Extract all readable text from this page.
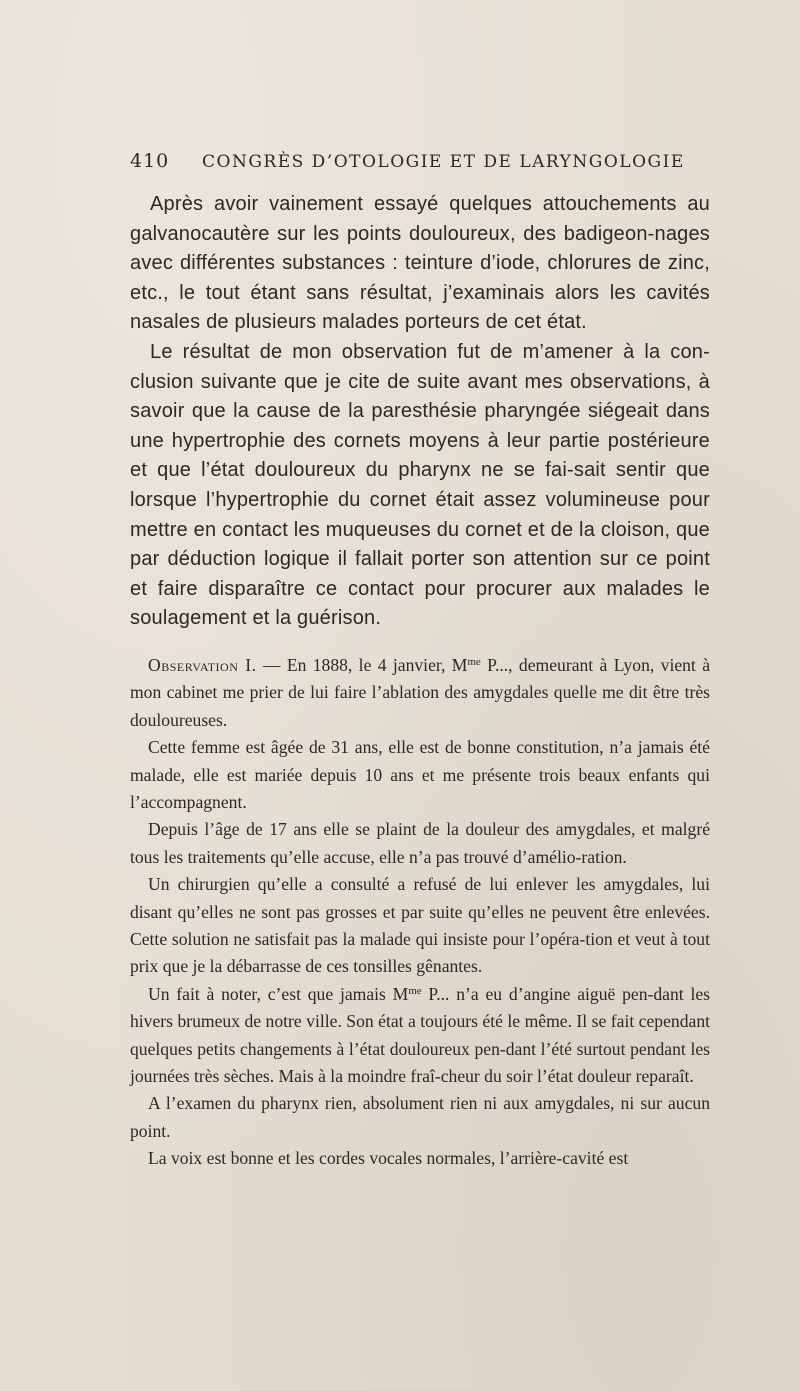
410 CONGRÈS D’OTOLOGIE ET DE LARYNGOLOGIE

Après avoir vainement essayé quelques attouchements au galvanocautère sur les points douloureux, des badigeon-nages avec différentes substances : teinture d’iode, chlorures de zinc, etc., le tout étant sans résultat, j’examinais alors les cavités nasales de plusieurs malades porteurs de cet état.

Le résultat de mon observation fut de m’amener à la con-clusion suivante que je cite de suite avant mes observations, à savoir que la cause de la paresthésie pharyngée siégeait dans une hypertrophie des cornets moyens à leur partie postérieure et que l’état douloureux du pharynx ne se fai-sait sentir que lorsque l’hypertrophie du cornet était assez volumineuse pour mettre en contact les muqueuses du cornet et de la cloison, que par déduction logique il fallait porter son attention sur ce point et faire disparaître ce contact pour procurer aux malades le soulagement et la guérison.

Observation I. — En 1888, le 4 janvier, $M^{me}$ P..., demeurant à Lyon, vient à mon cabinet me prier de lui faire l’ablation des amygdales quelle me dit être très douloureuses.

Cette femme est âgée de 31 ans, elle est de bonne constitution, n’a jamais été malade, elle est mariée depuis 10 ans et me présente trois beaux enfants qui l’accompagnent.

Depuis l’âge de 17 ans elle se plaint de la douleur des amygdales, et malgré tous les traitements qu’elle accuse, elle n’a pas trouvé d’amélio-ration.

Un chirurgien qu’elle a consulté a refusé de lui enlever les amygdales, lui disant qu’elles ne sont pas grosses et par suite qu’elles ne peuvent être enlevées. Cette solution ne satisfait pas la malade qui insiste pour l’opéra-tion et veut à tout prix que je la débarrasse de ces tonsilles gênantes.

Un fait à noter, c’est que jamais $M^{me}$ P... n’a eu d’angine aiguë pen-dant les hivers brumeux de notre ville. Son état a toujours été le même. Il se fait cependant quelques petits changements à l’état douloureux pen-dant l’été surtout pendant les journées très sèches. Mais à la moindre fraî-cheur du soir l’état douleur reparaît.

A l’examen du pharynx rien, absolument rien ni aux amygdales, ni sur aucun point.

La voix est bonne et les cordes vocales normales, l’arrière-cavité est
